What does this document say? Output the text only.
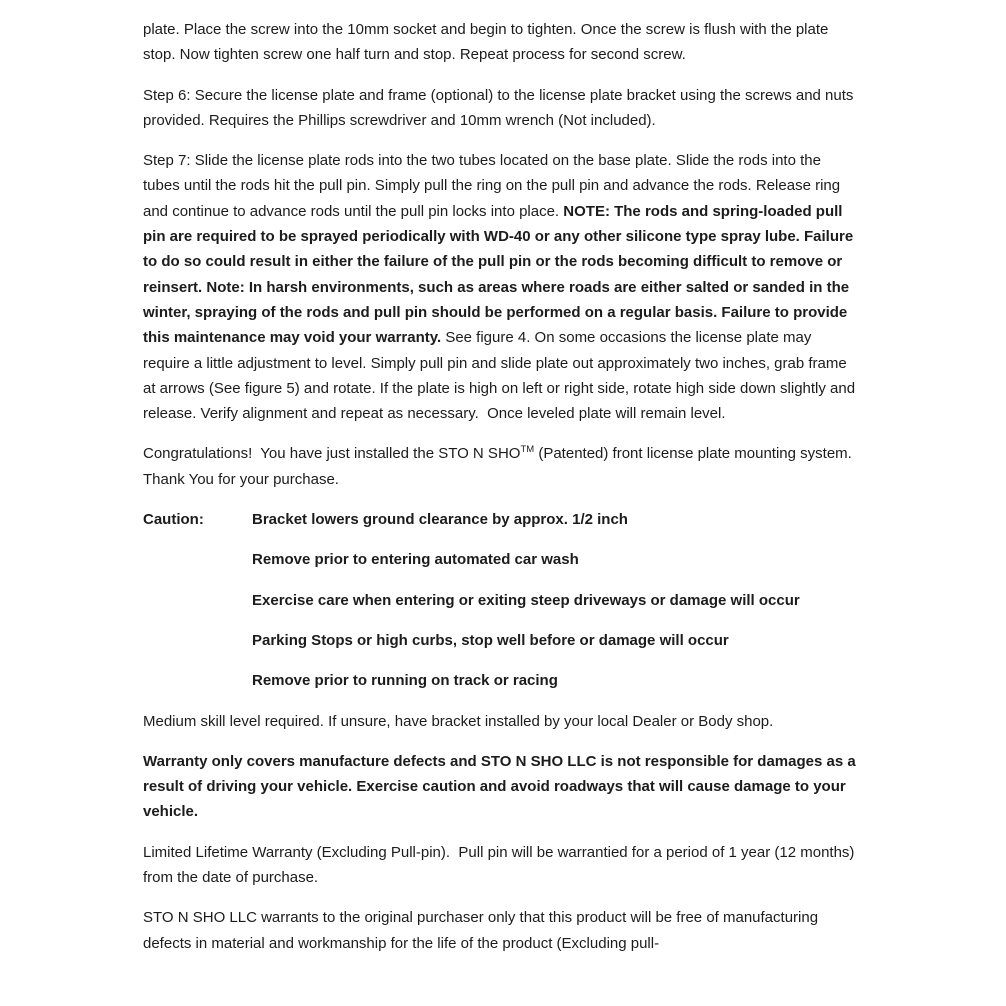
plate. Place the screw into the 10mm socket and begin to tighten. Once the screw is flush with the plate stop. Now tighten screw one half turn and stop. Repeat process for second screw.

Step 6: Secure the license plate and frame (optional) to the license plate bracket using the screws and nuts provided. Requires the Phillips screwdriver and 10mm wrench (Not included).

Step 7: Slide the license plate rods into the two tubes located on the base plate. Slide the rods into the tubes until the rods hit the pull pin. Simply pull the ring on the pull pin and advance the rods. Release ring and continue to advance rods until the pull pin locks into place. NOTE: The rods and spring-loaded pull pin are required to be sprayed periodically with WD-40 or any other silicone type spray lube. Failure to do so could result in either the failure of the pull pin or the rods becoming difficult to remove or reinsert. Note: In harsh environments, such as areas where roads are either salted or sanded in the winter, spraying of the rods and pull pin should be performed on a regular basis. Failure to provide this maintenance may void your warranty. See figure 4. On some occasions the license plate may require a little adjustment to level. Simply pull pin and slide plate out approximately two inches, grab frame at arrows (See figure 5) and rotate. If the plate is high on left or right side, rotate high side down slightly and release. Verify alignment and repeat as necessary.  Once leveled plate will remain level.

Congratulations!  You have just installed the STO N SHO™ (Patented) front license plate mounting system. Thank You for your purchase.

Caution:	Bracket lowers ground clearance by approx. 1/2 inch

Remove prior to entering automated car wash

Exercise care when entering or exiting steep driveways or damage will occur

Parking Stops or high curbs, stop well before or damage will occur

Remove prior to running on track or racing

Medium skill level required. If unsure, have bracket installed by your local Dealer or Body shop.

Warranty only covers manufacture defects and STO N SHO LLC is not responsible for damages as a result of driving your vehicle. Exercise caution and avoid roadways that will cause damage to your vehicle.

Limited Lifetime Warranty (Excluding Pull-pin).  Pull pin will be warrantied for a period of 1 year (12 months) from the date of purchase.

STO N SHO LLC warrants to the original purchaser only that this product will be free of manufacturing defects in material and workmanship for the life of the product (Excluding pull-
